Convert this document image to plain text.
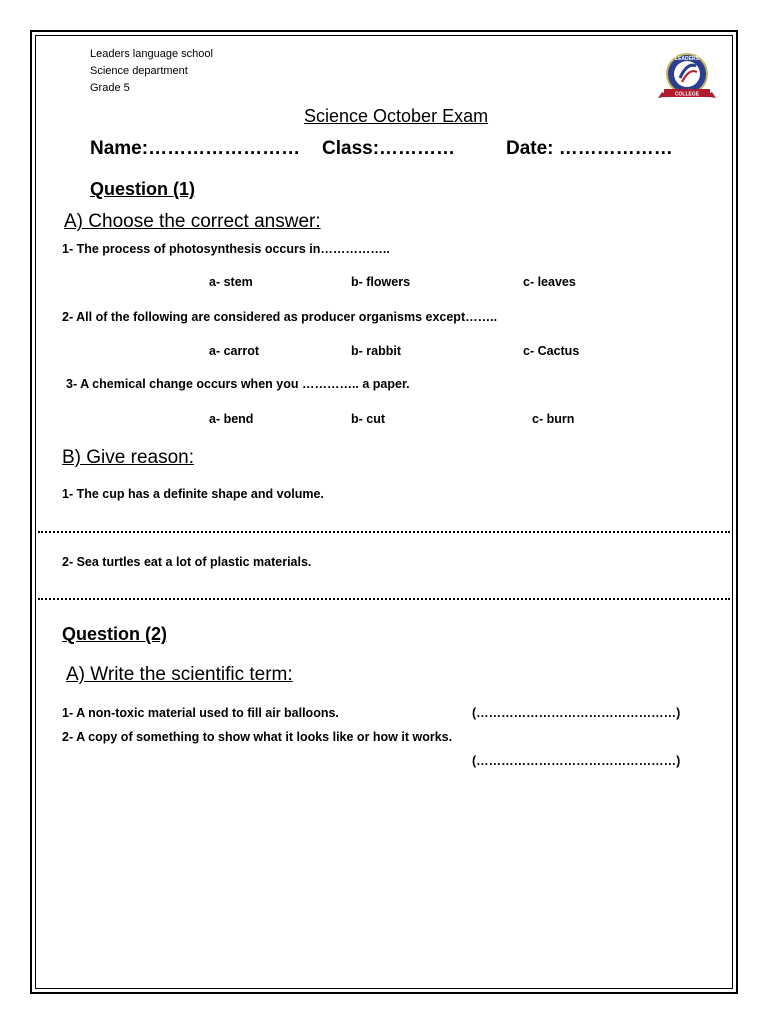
Leaders language school
Science department
Grade 5
LEADERS
COLLEGE
Science October Exam
Name:…………………… Class:…………	Date: ………………
Question (1)
A) Choose the correct answer:
1- The process of photosynthesis occurs in……………..
a- stem	b- flowers	c- leaves
2- All of the following are considered as producer organisms except……..
a- carrot	b- rabbit	c- Cactus
3- A chemical change occurs when you ………….. a paper.
a- bend	b- cut	c- burn
B) Give reason:
1- The cup has a definite shape and volume.
2- Sea turtles eat a lot of plastic materials.
Question (2)
A) Write the scientific term:
1- A non-toxic material used to fill air balloons.	(…………………………………………)
2- A copy of something to show what it looks like or how it works.
(…………………………………………)
